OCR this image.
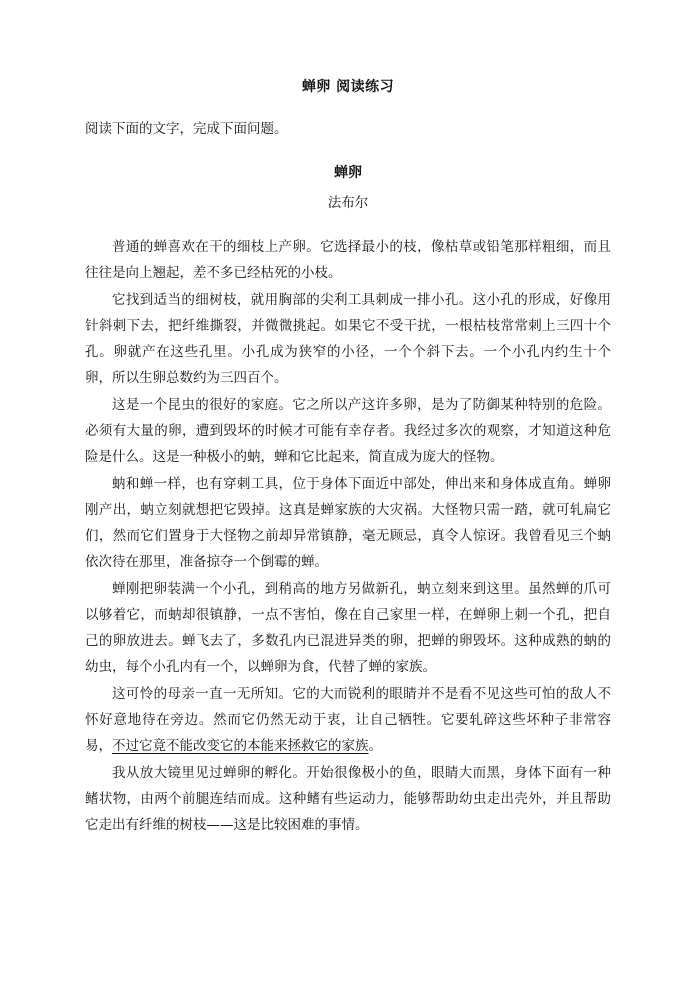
蝉卵 阅读练习
阅读下面的文字，完成下面问题。
蝉卵
法布尔

普通的蝉喜欢在干的细枝上产卵。它选择最小的枝，像枯草或铅笔那样粗细，而且往往是向上翘起，差不多已经枯死的小枝。

它找到适当的细树枝，就用胸部的尖利工具刺成一排小孔。这小孔的形成，好像用针斜刺下去，把纤维撕裂，并微微挑起。如果它不受干扰，一根枯枝常常刺上三四十个孔。卵就产在这些孔里。小孔成为狭窄的小径，一个个斜下去。一个小孔内约生十个卵，所以生卵总数约为三四百个。

这是一个昆虫的很好的家庭。它之所以产这许多卵，是为了防御某种特别的危险。必须有大量的卵，遭到毁坏的时候才可能有幸存者。我经过多次的观察，才知道这种危险是什么。这是一种极小的蚋，蝉和它比起来，简直成为庞大的怪物。

蚋和蝉一样，也有穿刺工具，位于身体下面近中部处，伸出来和身体成直角。蝉卵刚产出，蚋立刻就想把它毁掉。这真是蝉家族的大灾祸。大怪物只需一踏，就可轧扁它们，然而它们置身于大怪物之前却异常镇静，毫无顾忌，真令人惊讶。我曾看见三个蚋依次待在那里，准备掠夺一个倒霉的蝉。

蝉刚把卵装满一个小孔，到稍高的地方另做新孔，蚋立刻来到这里。虽然蝉的爪可以够着它，而蚋却很镇静，一点不害怕，像在自己家里一样，在蝉卵上刺一个孔，把自己的卵放进去。蝉飞去了，多数孔内已混进异类的卵，把蝉的卵毁坏。这种成熟的蚋的幼虫，每个小孔内有一个，以蝉卵为食，代替了蝉的家族。

这可怜的母亲一直一无所知。它的大而锐利的眼睛并不是看不见这些可怕的敌人不怀好意地待在旁边。然而它仍然无动于衷，让自己牺牲。它要轧碎这些坏种子非常容易，不过它竟不能改变它的本能来拯救它的家族。

我从放大镜里见过蝉卵的孵化。开始很像极小的鱼，眼睛大而黑，身体下面有一种鳍状物，由两个前腿连结而成。这种鳍有些运动力，能够帮助幼虫走出壳外，并且帮助它走出有纤维的树枝——这是比较困难的事情。
